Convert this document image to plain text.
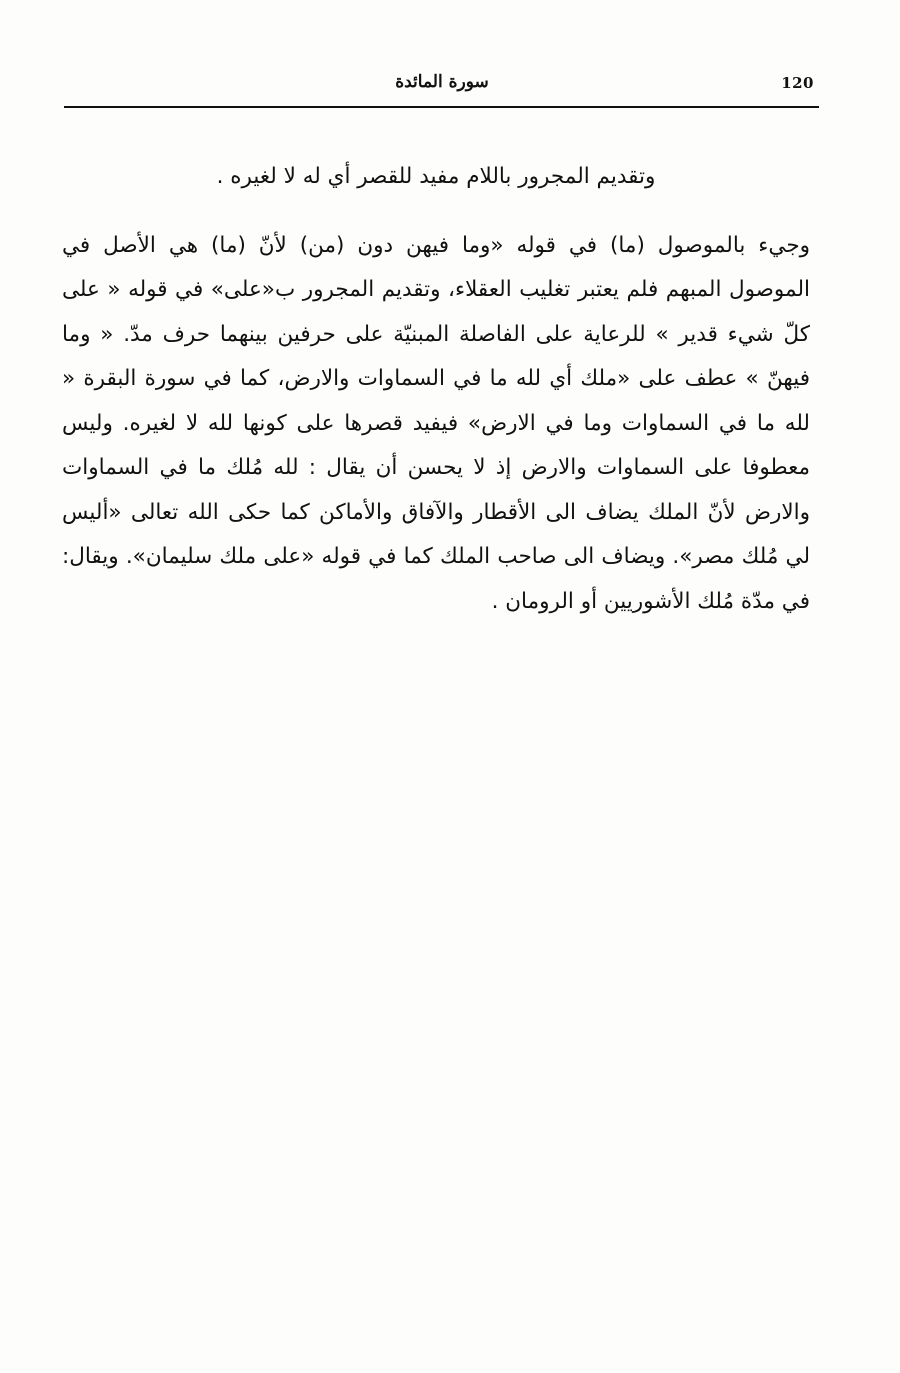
سورة المائدة	120

وتقديم المجرور باللام مفيد للقصر أي له لا لغيره .

وجيء بالموصول (ما) في قوله «وما فيهن دون (من) لأنّ (ما) هي الأصل في الموصول المبهم فلم يعتبر تغليب العقلاء، وتقديم المجرور ب«على» في قوله « على كلّ شيء قدير » للرعاية على الفاصلة المبنيّة على حرفين بينهما حرف مدّ. « وما فيهنّ » عطف على «ملك أي لله ما في السماوات والارض، كما في سورة البقرة « لله ما في السماوات وما في الارض» فيفيد قصرها على كونها لله لا لغيره. وليس معطوفا على السماوات والارض إذ لا يحسن أن يقال : لله مُلك ما في السماوات والارض لأنّ الملك يضاف الى الأقطار والآفاق والأماكن كما حكى الله تعالى «أليس لي مُلك مصر». ويضاف الى صاحب الملك كما في قوله «على ملك سليمان». ويقال: في مدّة مُلك الأشوريين أو الرومان .
